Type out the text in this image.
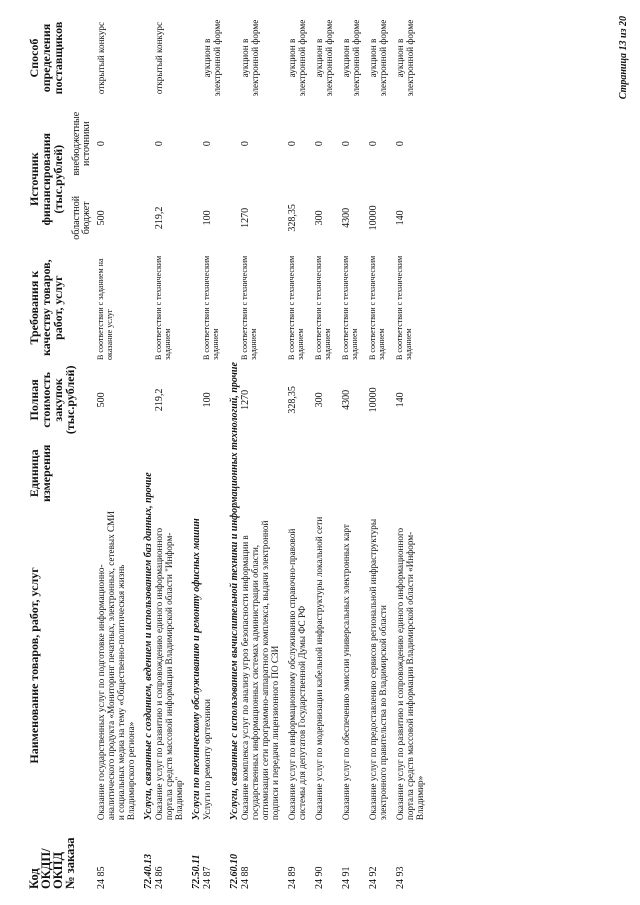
Код
ОКДП/
ОКПД
№ заказа	Наименование товаров, работ, услуг	Единица измерения	Полная стоимость закупок (тыс.рублей)	Требования к качеству товаров, работ, услуг	Источник финансирования (тыс.рублей)		Способ определения поставщиков
					областной бюджет	внебюджетные источники	
24 85	Оказание государственных услуг по подготовке информационно-аналитического продукта «Мониторинг печатных, электронных, сетевых СМИ и социальных медиа на тему «Общественно-политическая жизнь Владимирского региона»		500	В соответствии с заданием на оказание услуг	500	0	открытый конкурс
72.40.13	Услуги, связанные с созданием, ведением и использованием баз данных, прочие						
24 86	Оказание услуг по развитию и сопровождению единого информационного портала средств массовой информации Владимирской области "Информ-Владимир"		219,2	В соответствии с техническим заданием	219,2	0	открытый конкурс
72.50.11	Услуги по техническому обслуживанию и ремонту офисных машин						
24 87	Услуги по ремонту оргтехники		100	В соответствии с техническим заданием	100	0	аукцион в электронной форме
72.60.10	Услуги, связанные с использованием вычислительной техники и информационных технологий, прочие						
24 88	Оказание комплекса услуг по анализу угроз безопасности информации в государственных информационных системах администрации области, оптимизации сети программно-аппаратного комплекса, выдачи электронной подписи и передачи лицензионного ПО СЗИ		1270	В соответствии с техническим заданием	1270	0	аукцион в электронной форме
24 89	Оказание услуг по информационному обслуживанию справочно-правовой системы для депутатов Государственной Думы ФС РФ		328,35	В соответствии с техническим заданием	328,35	0	аукцион в электронной форме
24 90	Оказание услуг по модернизации кабельной инфраструктуры локальной сети		300	В соответствии с техническим заданием	300	0	аукцион в электронной форме
24 91	Оказание услуг по обеспечению эмиссии универсальных электронных карт		4300	В соответствии с техническим заданием	4300	0	аукцион в электронной форме
24 92	Оказание услуг по предоставлению сервисов региональной инфраструктуры электронного правительства во Владимирской области		10000	В соответствии с техническим заданием	10000	0	аукцион в электронной форме
24 93	Оказание услуг по развитию и сопровождению единого информационного портала средств массовой информации Владимирской области «Информ-Владимир»		140	В соответствии с техническим заданием	140	0	аукцион в электронной форме	Страница 13 из 20
